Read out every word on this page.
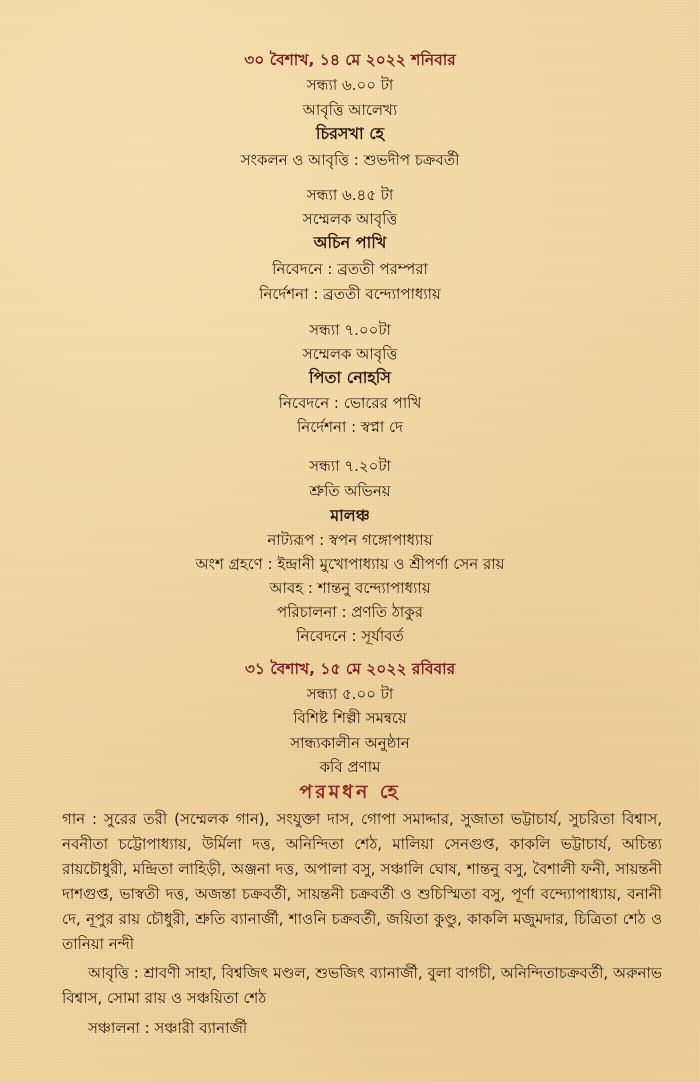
৩০ বৈশাখ, ১৪ মে ২০২২ শনিবার
সন্ধ্যা ৬.০০ টা
আবৃত্তি আলেখ্য
চিরসখা হে
সংকলন ও আবৃত্তি : শুভদীপ চক্রবর্তী
সন্ধ্যা ৬.৪৫ টা
সম্মেলক আবৃত্তি
অচিন পাখি
নিবেদনে : ব্রততী পরম্পরা
নির্দেশনা : ব্রততী বন্দ্যোপাধ্যায়
সন্ধ্যা ৭.০০টা
সম্মেলক আবৃত্তি
পিতা নোহসি
নিবেদনে : ভোরের পাখি
নির্দেশনা : স্বপ্না দে
সন্ধ্যা ৭.২০টা
শ্রুতি অভিনয়
মালঞ্চ
নাট্যরূপ : স্বপন গঙ্গোপাধ্যায়
অংশ গ্রহণে : ইন্দ্রানী মুখোপাধ্যায় ও শ্রীপর্ণা সেন রায়
আবহ : শান্তনু বন্দ্যোপাধ্যায়
পরিচালনা : প্রণতি ঠাকুর
নিবেদনে : সূর্যাবর্ত
৩১ বৈশাখ, ১৫ মে ২০২২ রবিবার
সন্ধ্যা ৫.০০ টা
বিশিষ্ট শিল্পী সমন্বয়ে
সান্ধ্যকালীন অনুষ্ঠান
কবি প্রণাম
পরমধন হে
গান : সুরের তরী (সম্মেলক গান), সংযুক্তা দাস, গোপা সমাদ্দার, সুজাতা ভট্টাচার্য, সুচরিতা বিশ্বাস, নবনীতা চট্টোপাধ্যায়, উর্মিলা দত্ত, অনিন্দিতা শেঠ, মালিয়া সেনগুপ্ত, কাকলি ভট্টাচার্য, অচিন্ত্য রায়চৌধুরী, মন্দ্রিতা লাহিড়ী, অঞ্জনা দত্ত, অপালা বসু, সঞ্চালি ঘোষ, শান্তনু বসু, বৈশালী ফনী, সায়ন্তনী দাশগুপ্ত, ভাস্বতী দত্ত, অজন্তা চক্রবর্তী, সায়ন্তনী চক্রবর্তী ও শুচিস্মিতা বসু, পূর্ণা বন্দ্যোপাধ্যায়, বনানী দে, নূপুর রায় চৌধুরী, শ্রুতি ব্যানার্জী, শাওনি চক্রবর্তী, জয়িতা কুণ্ডু, কাকলি মজুমদার, চিত্রিতা শেঠ ও তানিয়া নন্দী
আবৃত্তি : শ্রাবণী সাহা, বিশ্বজিৎ মণ্ডল, শুভজিৎ ব্যানার্জী, বুলা বাগচী, অনিন্দিতাচক্রবর্তী, অরুনাভ বিশ্বাস, সোমা রায় ও সঞ্চয়িতা শেঠ
সঞ্চালনা : সঞ্চারী ব্যানার্জী
